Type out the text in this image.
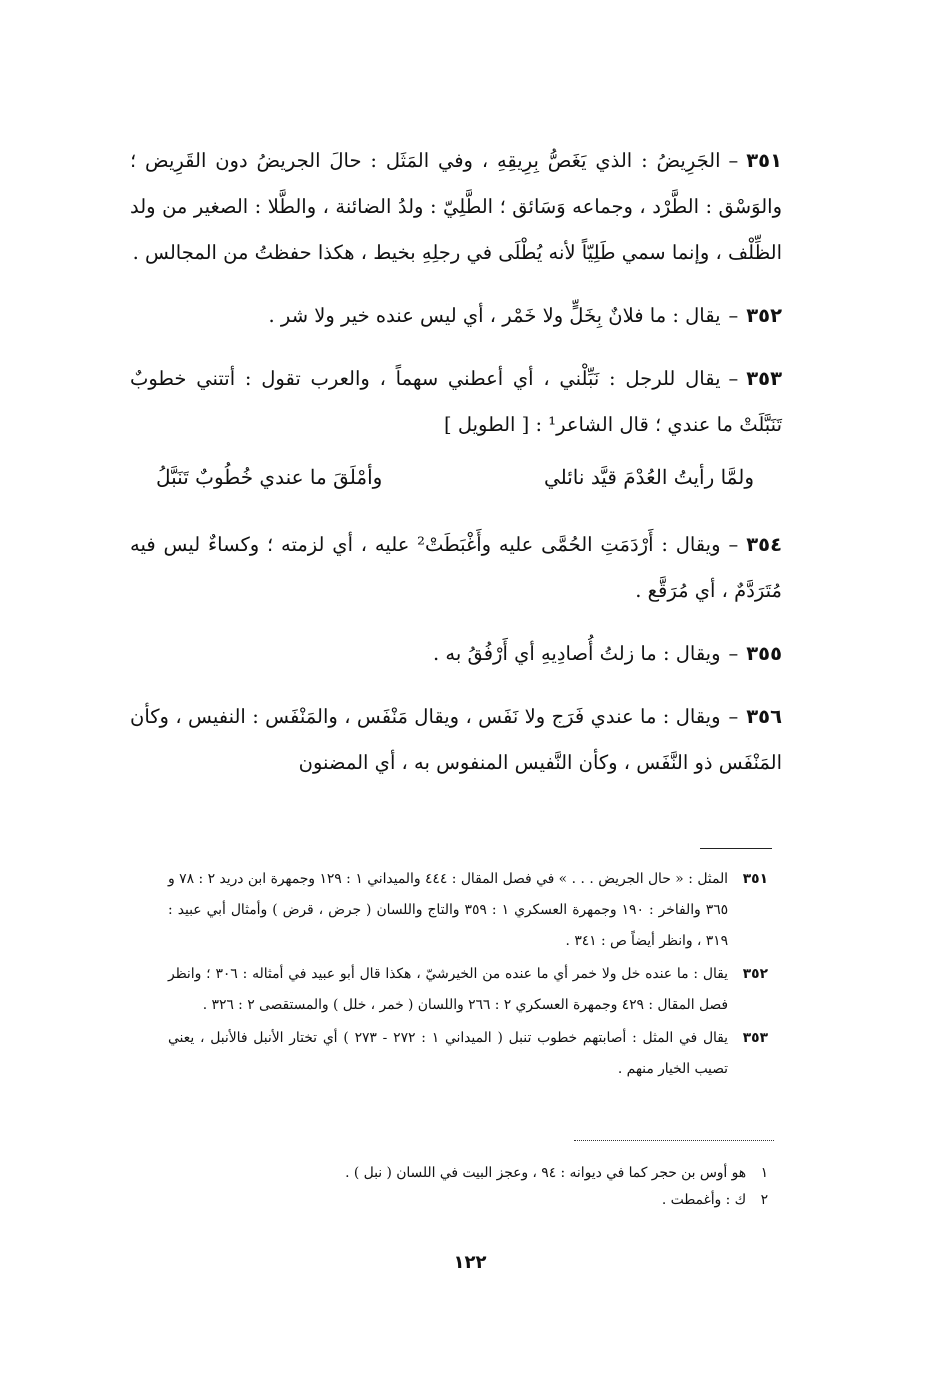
٣٥١–الجَرِيضُ : الذي يَغَصُّ بِرِيقِهِ ، وفي المَثَل : حالَ الجريضُ دون القَرِيض ؛ والوَسْق : الطَّرْد ، وجماعه وَسَائق ؛ الطَّلِيّ : ولدُ الضائنة ، والطَّلا : الصغير من ولد الظِّلْف ، وإنما سمي طَلِيّاً لأنه يُطْلَى في رجلِهِ بخيط ، هكذا حفظتُ من المجالس .

٣٥٢–يقال : ما فلانٌ بِخَلٍّ ولا خَمْر ، أي ليس عنده خير ولا شر .

٣٥٣–يقال للرجل : نَبِّلْني ، أي أعطني سهماً ، والعرب تقول : أتتني خطوبٌ تَنَبَّلَتْ ما عندي ؛ قال الشاعر¹ : [ الطويل ]

ولمَّا رأيتُ العُدْمَ قيَّد نائلي
وأمْلَقَ ما عندي خُطُوبٌ تَنَبَّلُ

٣٥٤–ويقال : أَرْدَمَتِ الحُمَّى عليه وأَغْبَطَتْ² عليه ، أي لزمته ؛ وكساءٌ ليس فيه مُتَرَدَّمٌ ، أي مُرَقَّع .

٣٥٥–ويقال : ما زلتُ أُصادِيهِ أي أَرْفُقُ به .

٣٥٦–ويقال : ما عندي فَرَج ولا نَفَس ، ويقال مَنْفَس ، والمَنْفَس : النفيس ، وكأن المَنْفَس ذو النَّفَس ، وكأن النَّفيس المنفوس به ، أي المضنون

٣٥١
المثل : « حال الجريض . . . » في فصل المقال : ٤٤٤ والميداني ١ : ١٢٩ وجمهرة ابن دريد ٢ : ٧٨ و ٣٦٥ والفاخر : ١٩٠ وجمهرة العسكري ١ : ٣٥٩ والتاج واللسان ( جرض ، قرض ) وأمثال أبي عبيد : ٣١٩ ، وانظر أيضاً ص : ٣٤١ .
٣٥٢
يقال : ما عنده خل ولا خمر أي ما عنده من الخيرشيّ ، هكذا قال أبو عبيد في أمثاله : ٣٠٦ ؛ وانظر فصل المقال : ٤٢٩ وجمهرة العسكري ٢ : ٢٦٦ واللسان ( خمر ، خلل ) والمستقصى ٢ : ٣٢٦ .
٣٥٣
يقال في المثل : أصابتهم خطوب تنبل ( الميداني ١ : ٢٧٢ - ٢٧٣ ) أي تختار الأنبل فالأنبل ، يعني تصيب الخيار منهم .
١هو أوس بن حجر كما في ديوانه : ٩٤ ، وعجز البيت في اللسان ( نبل ) .
٢ك : وأغمطت .
١٢٢
